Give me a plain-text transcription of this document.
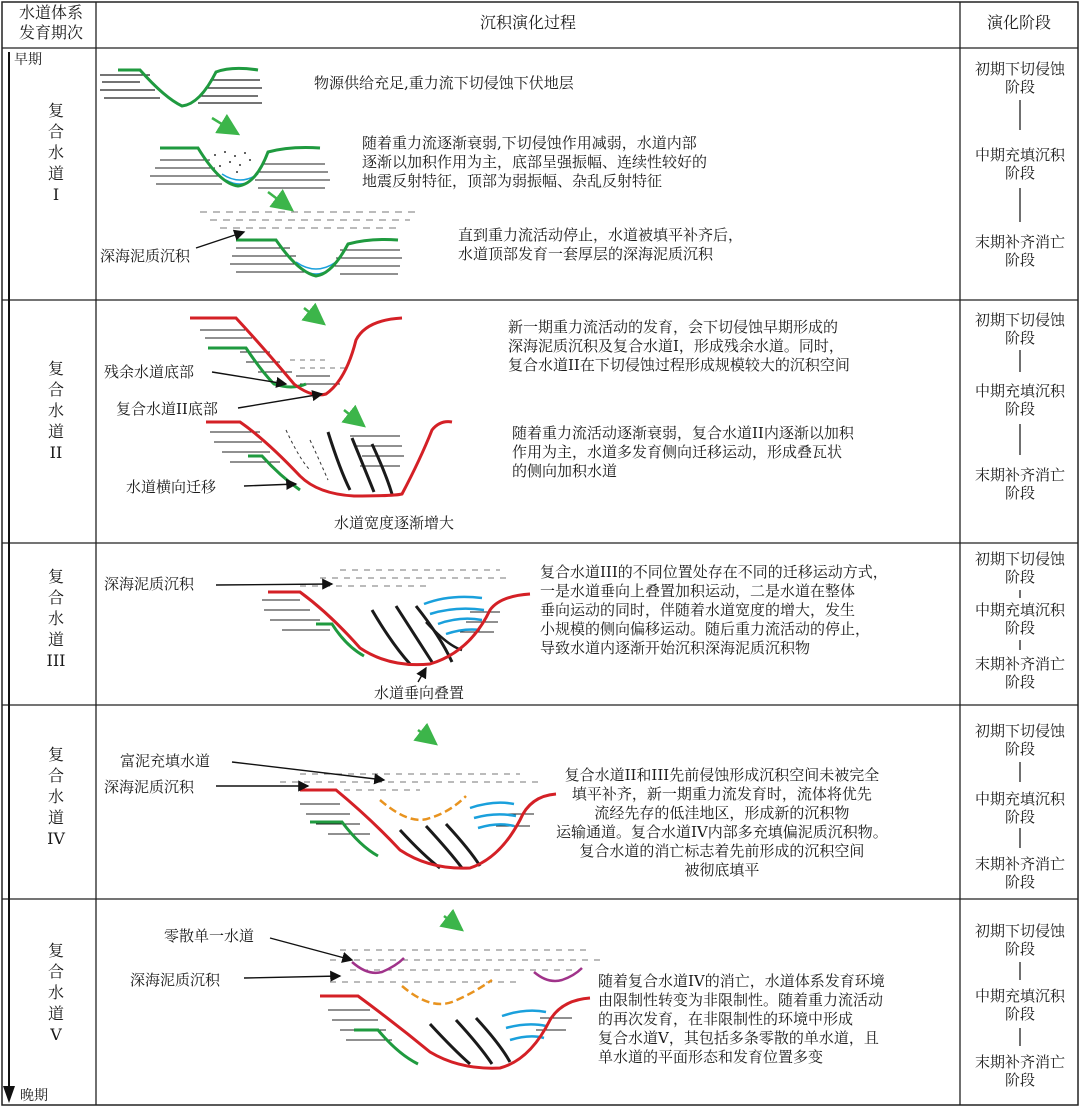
水道体系
发育期次
沉积演化过程	演化阶段
早期
晚期
复
合
水
道
I
复
合
水
道
II
复
合
水
道
III
复
合
水
道
IV
复
合
水
道
V
初期下切侵蚀
阶段
中期充填沉积
阶段
末期补齐消亡
阶段
初期下切侵蚀
阶段
中期充填沉积
阶段
末期补齐消亡
阶段
初期下切侵蚀
阶段
中期充填沉积
阶段
末期补齐消亡
阶段
初期下切侵蚀
阶段
中期充填沉积
阶段
末期补齐消亡
阶段
初期下切侵蚀
阶段
中期充填沉积
阶段
末期补齐消亡
阶段
物源供给充足,重力流下切侵蚀下伏地层
随着重力流逐渐衰弱,下切侵蚀作用减弱，水道内部
逐渐以加积作用为主，底部呈强振幅、连续性较好的
地震反射特征，顶部为弱振幅、杂乱反射特征
直到重力流活动停止，水道被填平补齐后，
水道顶部发育一套厚层的深海泥质沉积
新一期重力流活动的发育，会下切侵蚀早期形成的
深海泥质沉积及复合水道I，形成残余水道。同时，
复合水道II在下切侵蚀过程形成规模较大的沉积空间
随着重力流活动逐渐衰弱，复合水道II内逐渐以加积
作用为主，水道多发育侧向迁移运动，形成叠瓦状
的侧向加积水道
复合水道III的不同位置处存在不同的迁移运动方式，
一是水道垂向上叠置加积运动，二是水道在整体
垂向运动的同时，伴随着水道宽度的增大，发生
小规模的侧向偏移运动。随后重力流活动的停止，
导致水道内逐渐开始沉积深海泥质沉积物
复合水道II和III先前侵蚀形成沉积空间未被完全
填平补齐，新一期重力流发育时，流体将优先
流经先存的低洼地区，形成新的沉积物
运输通道。复合水道IV内部多充填偏泥质沉积物。
复合水道的消亡标志着先前形成的沉积空间
被彻底填平
随着复合水道IV的消亡，水道体系发育环境
由限制性转变为非限制性。随着重力流活动
的再次发育，在非限制性的环境中形成
复合水道V，其包括多条零散的单水道，且
单水道的平面形态和发育位置多变
深海泥质沉积
残余水道底部
复合水道II底部
水道横向迁移
水道宽度逐渐增大
深海泥质沉积
水道垂向叠置
富泥充填水道
深海泥质沉积
零散单一水道
深海泥质沉积
